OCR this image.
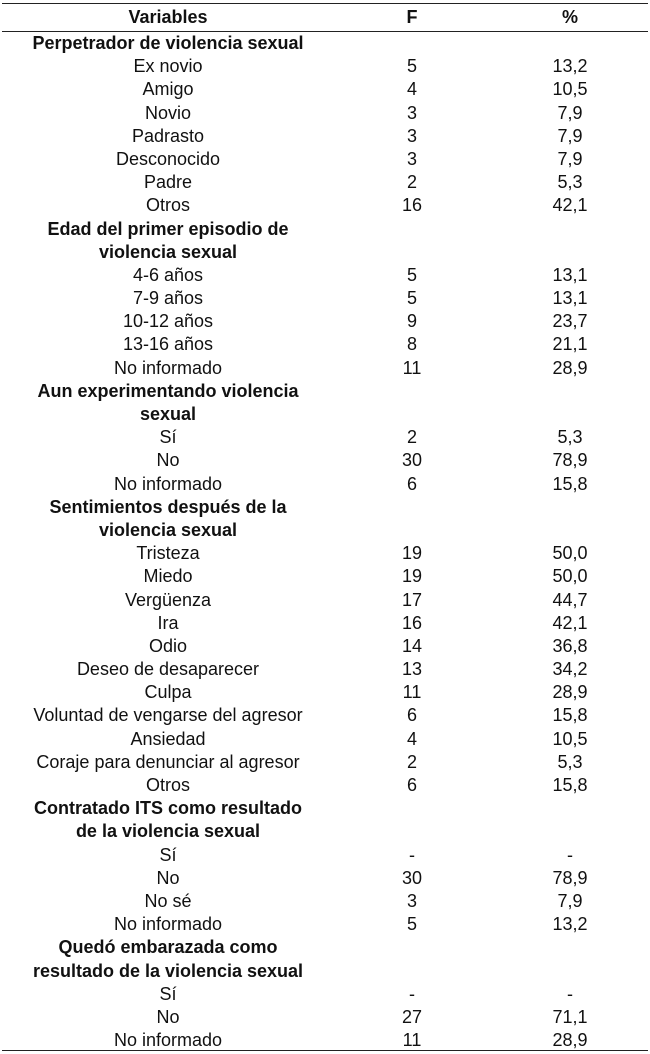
Variables	F	%
Perpetrador de violencia sexual
Ex novio	5	13,2
Amigo	4	10,5
Novio	3	7,9
Padrasto	3	7,9
Desconocido	3	7,9
Padre	2	5,3
Otros	16	42,1
Edad del primer episodio de
violencia sexual
4-6 años	5	13,1
7-9 años	5	13,1
10-12 años	9	23,7
13-16 años	8	21,1
No informado	11	28,9
Aun experimentando violencia
sexual
Sí	2	5,3
No	30	78,9
No informado	6	15,8
Sentimientos después de la
violencia sexual
Tristeza	19	50,0
Miedo	19	50,0
Vergüenza	17	44,7
Ira	16	42,1
Odio	14	36,8
Deseo de desaparecer	13	34,2
Culpa	11	28,9
Voluntad de vengarse del agresor	6	15,8
Ansiedad	4	10,5
Coraje para denunciar al agresor	2	5,3
Otros	6	15,8
Contratado ITS como resultado
de la violencia sexual
Sí	-	-
No	30	78,9
No sé	3	7,9
No informado	5	13,2
Quedó embarazada como
resultado de la violencia sexual
Sí	-	-
No	27	71,1
No informado	11	28,9
